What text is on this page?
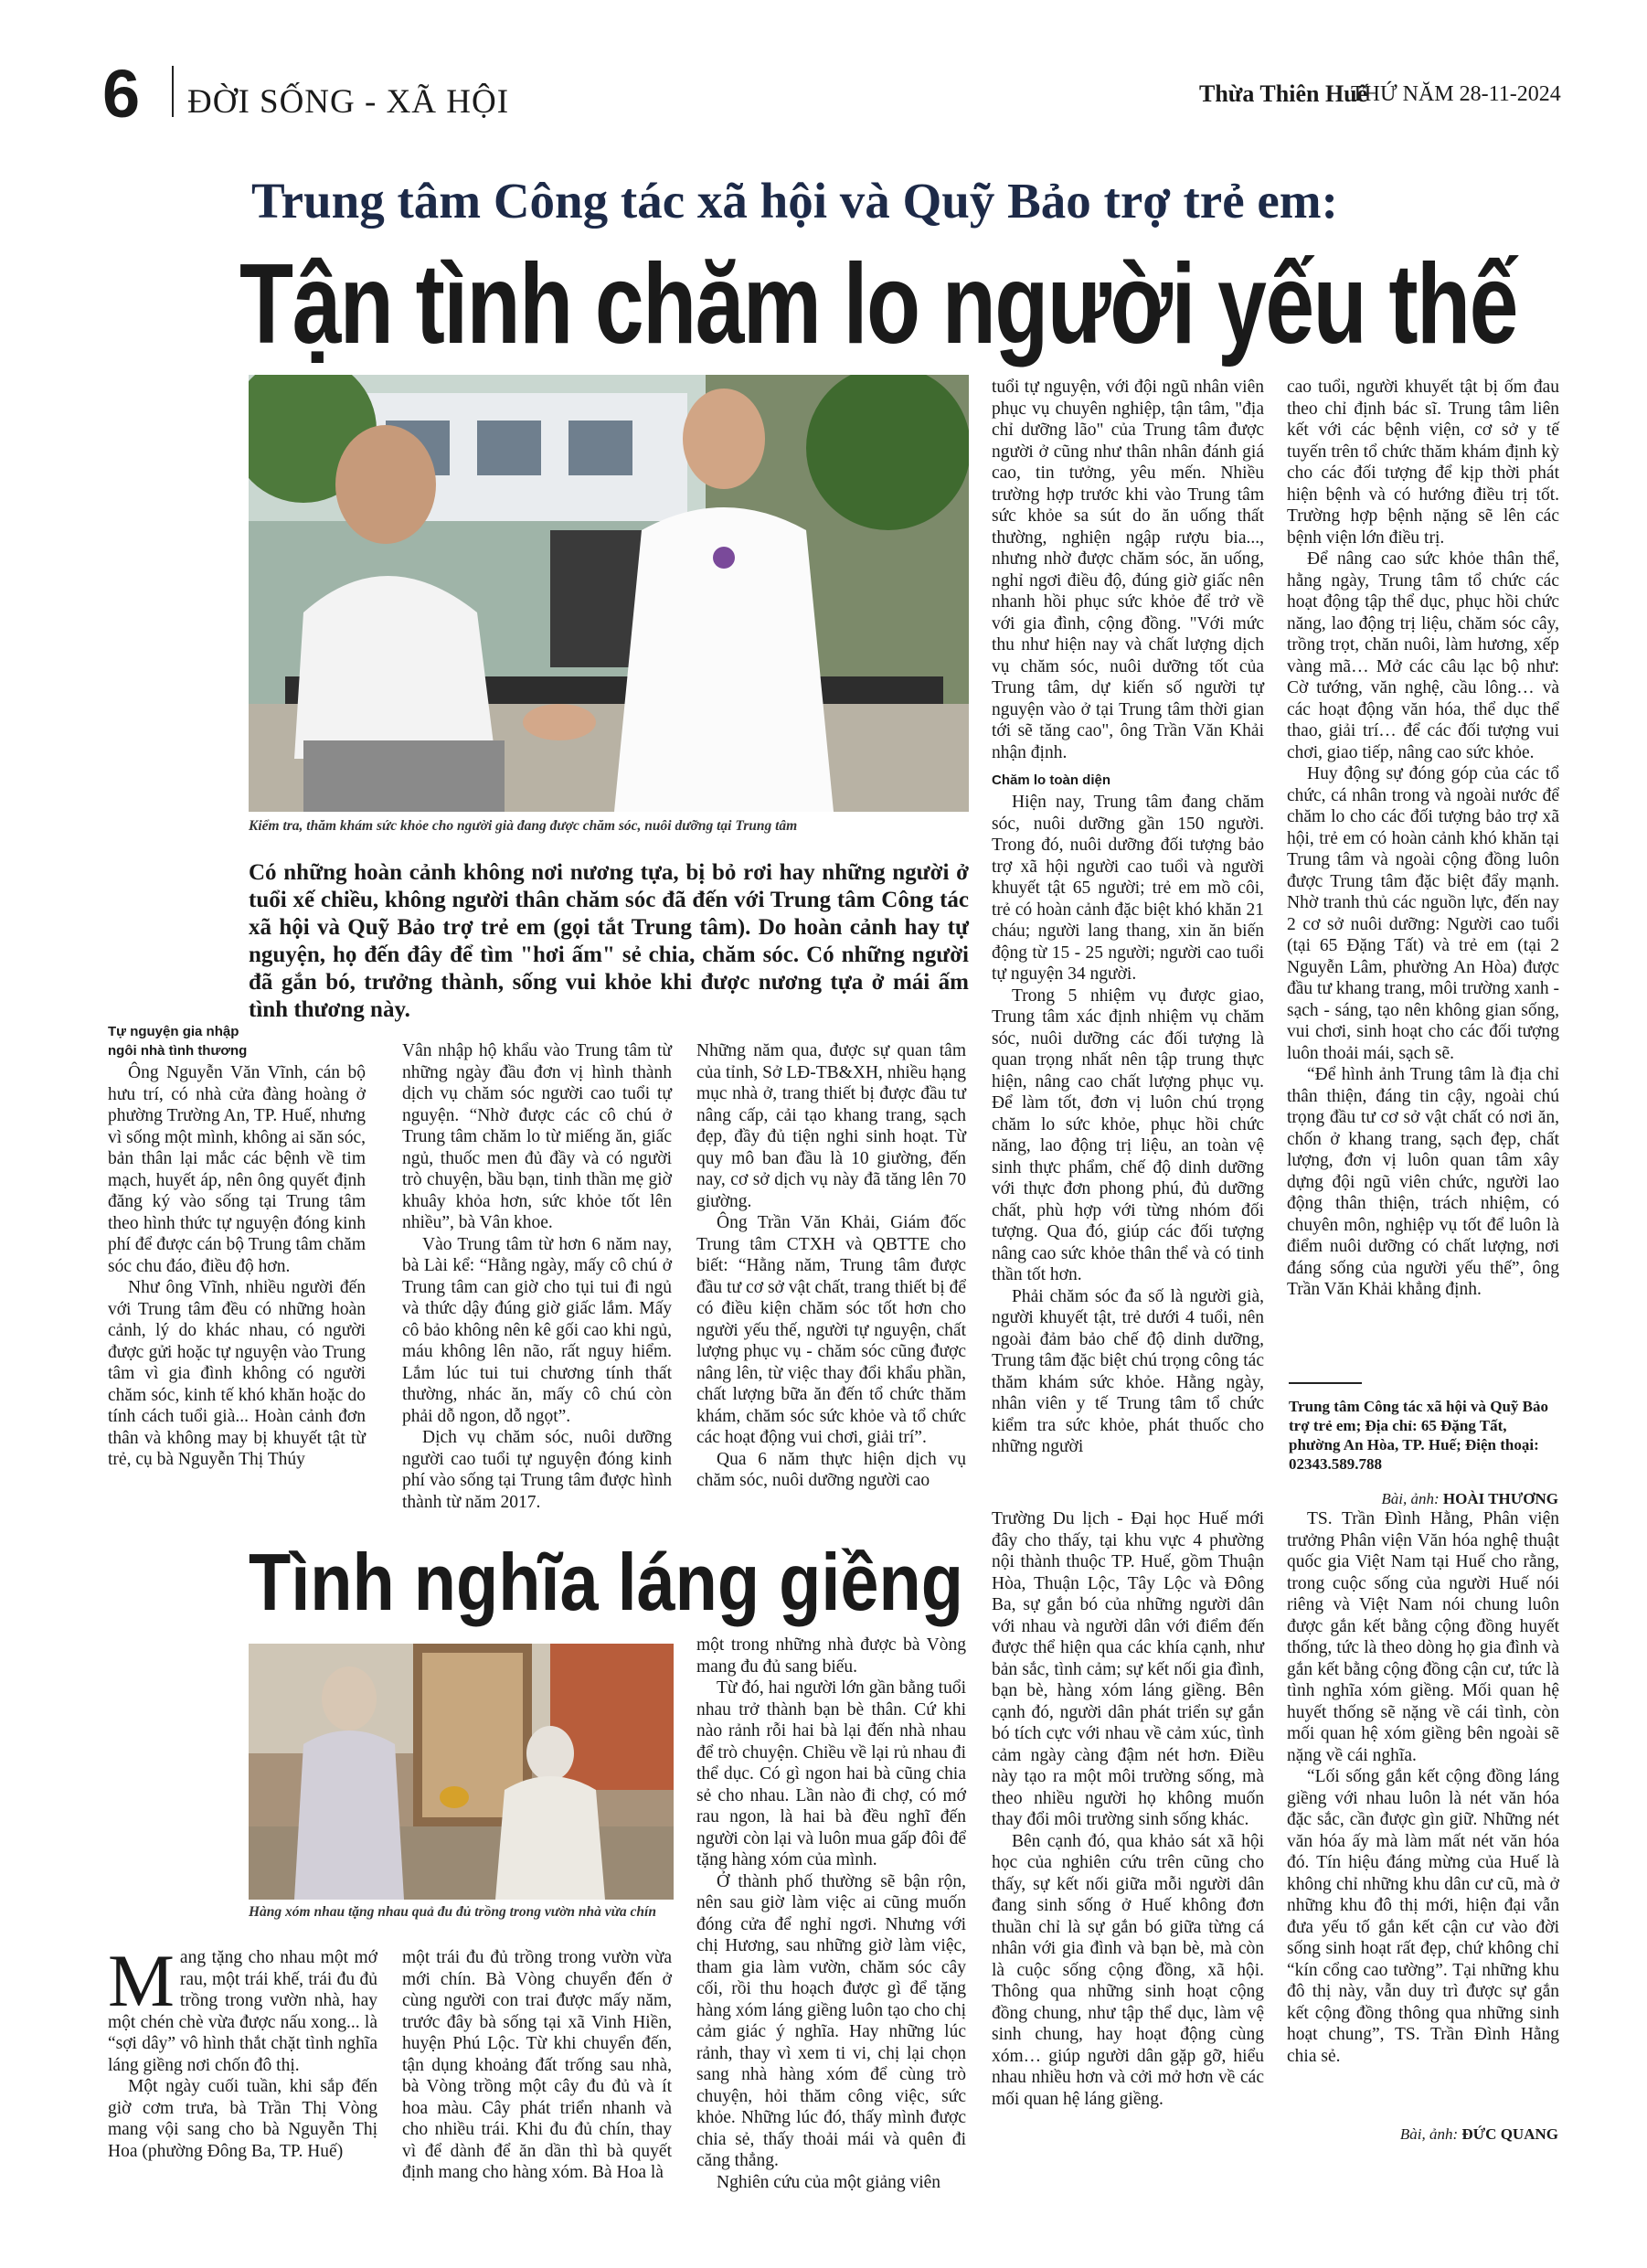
6 ĐỜI SỐNG - XÃ HỘI	Thừa Thiên Huế
THỨ NĂM 28-11-2024
Trung tâm Công tác xã hội và Quỹ Bảo trợ trẻ em:
Tận tình chăm lo người yếu thế
Kiểm tra, thăm khám sức khỏe cho người già đang được chăm sóc, nuôi dưỡng tại Trung tâm
Có những hoàn cảnh không nơi nương tựa, bị bỏ rơi hay những người ở tuổi xế chiều, không người thân chăm sóc đã đến với Trung tâm Công tác xã hội và Quỹ Bảo trợ trẻ em (gọi tắt Trung tâm). Do hoàn cảnh hay tự nguyện, họ đến đây để tìm "hơi ấm" sẻ chia, chăm sóc. Có những người đã gắn bó, trưởng thành, sống vui khỏe khi được nương tựa ở mái ấm tình thương này.
Tự nguyện gia nhập
ngôi nhà tình thương

Ông Nguyễn Văn Vĩnh, cán bộ hưu trí, có nhà cửa đàng hoàng ở phường Trường An, TP. Huế, nhưng vì sống một mình, không ai săn sóc, bản thân lại mắc các bệnh về tim mạch, huyết áp, nên ông quyết định đăng ký vào sống tại Trung tâm theo hình thức tự nguyện đóng kinh phí để được cán bộ Trung tâm chăm sóc chu đáo, điều độ hơn.

Như ông Vĩnh, nhiều người đến với Trung tâm đều có những hoàn cảnh, lý do khác nhau, có người được gửi hoặc tự nguyện vào Trung tâm vì gia đình không có người chăm sóc, kinh tế khó khăn hoặc do tính cách tuổi già... Hoàn cảnh đơn thân và không may bị khuyết tật từ trẻ, cụ bà Nguyễn Thị Thúy

Vân nhập hộ khẩu vào Trung tâm từ những ngày đầu đơn vị hình thành dịch vụ chăm sóc người cao tuổi tự nguyện. “Nhờ được các cô chú ở Trung tâm chăm lo từ miếng ăn, giấc ngủ, thuốc men đủ đầy và có người trò chuyện, bầu bạn, tinh thần mẹ giờ khuây khỏa hơn, sức khỏe tốt lên nhiều”, bà Vân khoe.

Vào Trung tâm từ hơn 6 năm nay, bà Lài kể: “Hằng ngày, mấy cô chú ở Trung tâm can giờ cho tụi tui đi ngủ và thức dậy đúng giờ giấc lắm. Mấy cô bảo không nên kê gối cao khi ngủ, máu không lên não, rất nguy hiểm. Lắm lúc tui tui chương tính thất thường, nhác ăn, mấy cô chú còn phải dỗ ngon, dỗ ngọt”.

Dịch vụ chăm sóc, nuôi dưỡng người cao tuổi tự nguyện đóng kinh phí vào sống tại Trung tâm được hình thành từ năm 2017.

Những năm qua, được sự quan tâm của tỉnh, Sở LĐ-TB&XH, nhiều hạng mục nhà ở, trang thiết bị được đầu tư nâng cấp, cải tạo khang trang, sạch đẹp, đầy đủ tiện nghi sinh hoạt. Từ quy mô ban đầu là 10 giường, đến nay, cơ sở dịch vụ này đã tăng lên 70 giường.

Ông Trần Văn Khải, Giám đốc Trung tâm CTXH và QBTTE cho biết: “Hằng năm, Trung tâm được đầu tư cơ sở vật chất, trang thiết bị để có điều kiện chăm sóc tốt hơn cho người yếu thế, người tự nguyện, chất lượng phục vụ - chăm sóc cũng được nâng lên, từ việc thay đổi khẩu phần, chất lượng bữa ăn đến tổ chức thăm khám, chăm sóc sức khỏe và tổ chức các hoạt động vui chơi, giải trí”.

Qua 6 năm thực hiện dịch vụ chăm sóc, nuôi dưỡng người cao

tuổi tự nguyện, với đội ngũ nhân viên phục vụ chuyên nghiệp, tận tâm, "địa chỉ dưỡng lão" của Trung tâm được người ở cũng như thân nhân đánh giá cao, tin tưởng, yêu mến. Nhiều trường hợp trước khi vào Trung tâm sức khỏe sa sút do ăn uống thất thường, nghiện ngập rượu bia..., nhưng nhờ được chăm sóc, ăn uống, nghỉ ngơi điều độ, đúng giờ giấc nên nhanh hồi phục sức khỏe để trở về với gia đình, cộng đồng. "Với mức thu như hiện nay và chất lượng dịch vụ chăm sóc, nuôi dưỡng tốt của Trung tâm, dự kiến số người tự nguyện vào ở tại Trung tâm thời gian tới sẽ tăng cao", ông Trần Văn Khải nhận định.

Chăm lo toàn diện

Hiện nay, Trung tâm đang chăm sóc, nuôi dưỡng gần 150 người. Trong đó, nuôi dưỡng đối tượng bảo trợ xã hội người cao tuổi và người khuyết tật 65 người; trẻ em mồ côi, trẻ có hoàn cảnh đặc biệt khó khăn 21 cháu; người lang thang, xin ăn biến động từ 15 - 25 người; người cao tuổi tự nguyện 34 người.

Trong 5 nhiệm vụ được giao, Trung tâm xác định nhiệm vụ chăm sóc, nuôi dưỡng các đối tượng là quan trọng nhất nên tập trung thực hiện, nâng cao chất lượng phục vụ. Để làm tốt, đơn vị luôn chú trọng chăm lo sức khỏe, phục hồi chức năng, lao động trị liệu, an toàn vệ sinh thực phẩm, chế độ dinh dưỡng với thực đơn phong phú, đủ dưỡng chất, phù hợp với từng nhóm đối tượng. Qua đó, giúp các đối tượng nâng cao sức khỏe thân thể và có tinh thần tốt hơn.

Phải chăm sóc đa số là người già, người khuyết tật, trẻ dưới 4 tuổi, nên ngoài đảm bảo chế độ dinh dưỡng, Trung tâm đặc biệt chú trọng công tác thăm khám sức khỏe. Hằng ngày, nhân viên y tế Trung tâm tổ chức kiểm tra sức khỏe, phát thuốc cho những người

cao tuổi, người khuyết tật bị ốm đau theo chỉ định bác sĩ. Trung tâm liên kết với các bệnh viện, cơ sở y tế tuyến trên tổ chức thăm khám định kỳ cho các đối tượng để kịp thời phát hiện bệnh và có hướng điều trị tốt. Trường hợp bệnh nặng sẽ lên các bệnh viện lớn điều trị.

Để nâng cao sức khỏe thân thể, hằng ngày, Trung tâm tổ chức các hoạt động tập thể dục, phục hồi chức năng, lao động trị liệu, chăm sóc cây, trồng trọt, chăn nuôi, làm hương, xếp vàng mã… Mở các câu lạc bộ như: Cờ tướng, văn nghệ, cầu lông… và các hoạt động văn hóa, thể dục thể thao, giải trí… để các đối tượng vui chơi, giao tiếp, nâng cao sức khỏe.

Huy động sự đóng góp của các tổ chức, cá nhân trong và ngoài nước để chăm lo cho các đối tượng bảo trợ xã hội, trẻ em có hoàn cảnh khó khăn tại Trung tâm và ngoài cộng đồng luôn được Trung tâm đặc biệt đẩy mạnh. Nhờ tranh thủ các nguồn lực, đến nay 2 cơ sở nuôi dưỡng: Người cao tuổi (tại 65 Đặng Tất) và trẻ em (tại 2 Nguyễn Lâm, phường An Hòa) được đầu tư khang trang, môi trường xanh - sạch - sáng, tạo nên không gian sống, vui chơi, sinh hoạt cho các đối tượng luôn thoải mái, sạch sẽ.

“Để hình ảnh Trung tâm là địa chỉ thân thiện, đáng tin cậy, ngoài chú trọng đầu tư cơ sở vật chất có nơi ăn, chốn ở khang trang, sạch đẹp, chất lượng, đơn vị luôn quan tâm xây dựng đội ngũ viên chức, người lao động thân thiện, trách nhiệm, có chuyên môn, nghiệp vụ tốt để luôn là điểm nuôi dưỡng có chất lượng, nơi đáng sống của người yếu thế”, ông Trần Văn Khải khẳng định.

Trung tâm Công tác xã hội và Quỹ Bảo trợ trẻ em; Địa chỉ: 65 Đặng Tất, phường An Hòa, TP. Huế; Điện thoại: 02343.589.788
Bài, ảnh: HOÀI THƯƠNG
Tình nghĩa láng giềng
Hàng xóm nhau tặng nhau quả đu đủ trồng trong vườn nhà vừa chín

Mang tặng cho nhau một mớ rau, một trái khế, trái đu đủ trồng trong vườn nhà, hay một chén chè vừa được nấu xong... là “sợi dây” vô hình thắt chặt tình nghĩa láng giềng nơi chốn đô thị.

Một ngày cuối tuần, khi sắp đến giờ cơm trưa, bà Trần Thị Vòng mang vội sang cho bà Nguyễn Thị Hoa (phường Đông Ba, TP. Huế)

một trái đu đủ trồng trong vườn vừa mới chín. Bà Vòng chuyển đến ở cùng người con trai được mấy năm, trước đây bà sống tại xã Vinh Hiền, huyện Phú Lộc. Từ khi chuyển đến, tận dụng khoảng đất trống sau nhà, bà Vòng trồng một cây đu đủ và ít hoa màu. Cây phát triển nhanh và cho nhiều trái. Khi đu đủ chín, thay vì để dành để ăn dần thì bà quyết định mang cho hàng xóm. Bà Hoa là

một trong những nhà được bà Vòng mang đu đủ sang biếu.

Từ đó, hai người lớn gần bằng tuổi nhau trở thành bạn bè thân. Cứ khi nào rảnh rỗi hai bà lại đến nhà nhau để trò chuyện. Chiều về lại rủ nhau đi thể dục. Có gì ngon hai bà cũng chia sẻ cho nhau. Lần nào đi chợ, có mớ rau ngon, là hai bà đều nghĩ đến người còn lại và luôn mua gấp đôi để tặng hàng xóm của mình.

Ở thành phố thường sẽ bận rộn, nên sau giờ làm việc ai cũng muốn đóng cửa để nghỉ ngơi. Nhưng với chị Hương, sau những giờ làm việc, tham gia làm vườn, chăm sóc cây cối, rồi thu hoạch được gì để tặng hàng xóm láng giềng luôn tạo cho chị cảm giác ý nghĩa. Hay những lúc rảnh, thay vì xem ti vi, chị lại chọn sang nhà hàng xóm để cùng trò chuyện, hỏi thăm công việc, sức khỏe. Những lúc đó, thấy mình được chia sẻ, thấy thoải mái và quên đi căng thẳng.

Nghiên cứu của một giảng viên

Trường Du lịch - Đại học Huế mới đây cho thấy, tại khu vực 4 phường nội thành thuộc TP. Huế, gồm Thuận Hòa, Thuận Lộc, Tây Lộc và Đông Ba, sự gắn bó của những người dân với nhau và người dân với điểm đến được thể hiện qua các khía cạnh, như bản sắc, tình cảm; sự kết nối gia đình, bạn bè, hàng xóm láng giềng. Bên cạnh đó, người dân phát triển sự gắn bó tích cực với nhau về cảm xúc, tình cảm ngày càng đậm nét hơn. Điều này tạo ra một môi trường sống, mà theo nhiều người họ không muốn thay đổi môi trường sinh sống khác.

Bên cạnh đó, qua khảo sát xã hội học của nghiên cứu trên cũng cho thấy, sự kết nối giữa mỗi người dân đang sinh sống ở Huế không đơn thuần chỉ là sự gắn bó giữa từng cá nhân với gia đình và bạn bè, mà còn là cuộc sống cộng đồng, xã hội. Thông qua những sinh hoạt cộng đồng chung, như tập thể dục, làm vệ sinh chung, hay hoạt động cùng xóm… giúp người dân gặp gỡ, hiểu nhau nhiều hơn và cởi mở hơn về các mối quan hệ láng giềng.

TS. Trần Đình Hằng, Phân viện trưởng Phân viện Văn hóa nghệ thuật quốc gia Việt Nam tại Huế cho rằng, trong cuộc sống của người Huế nói riêng và Việt Nam nói chung luôn được gắn kết bằng cộng đồng huyết thống, tức là theo dòng họ gia đình và gắn kết bằng cộng đồng cận cư, tức là tình nghĩa xóm giềng. Mối quan hệ huyết thống sẽ nặng về cái tình, còn mối quan hệ xóm giềng bên ngoài sẽ nặng về cái nghĩa.

“Lối sống gắn kết cộng đồng láng giềng với nhau luôn là nét văn hóa đặc sắc, cần được gìn giữ. Những nét văn hóa ấy mà làm mất nét văn hóa đó. Tín hiệu đáng mừng của Huế là không chỉ những khu dân cư cũ, mà ở những khu đô thị mới, hiện đại vẫn đưa yếu tố gắn kết cận cư vào đời sống sinh hoạt rất đẹp, chứ không chỉ “kín cổng cao tường”. Tại những khu đô thị này, vẫn duy trì được sự gắn kết cộng đồng thông qua những sinh hoạt chung”, TS. Trần Đình Hằng chia sẻ.

Bài, ảnh: ĐỨC QUANG
